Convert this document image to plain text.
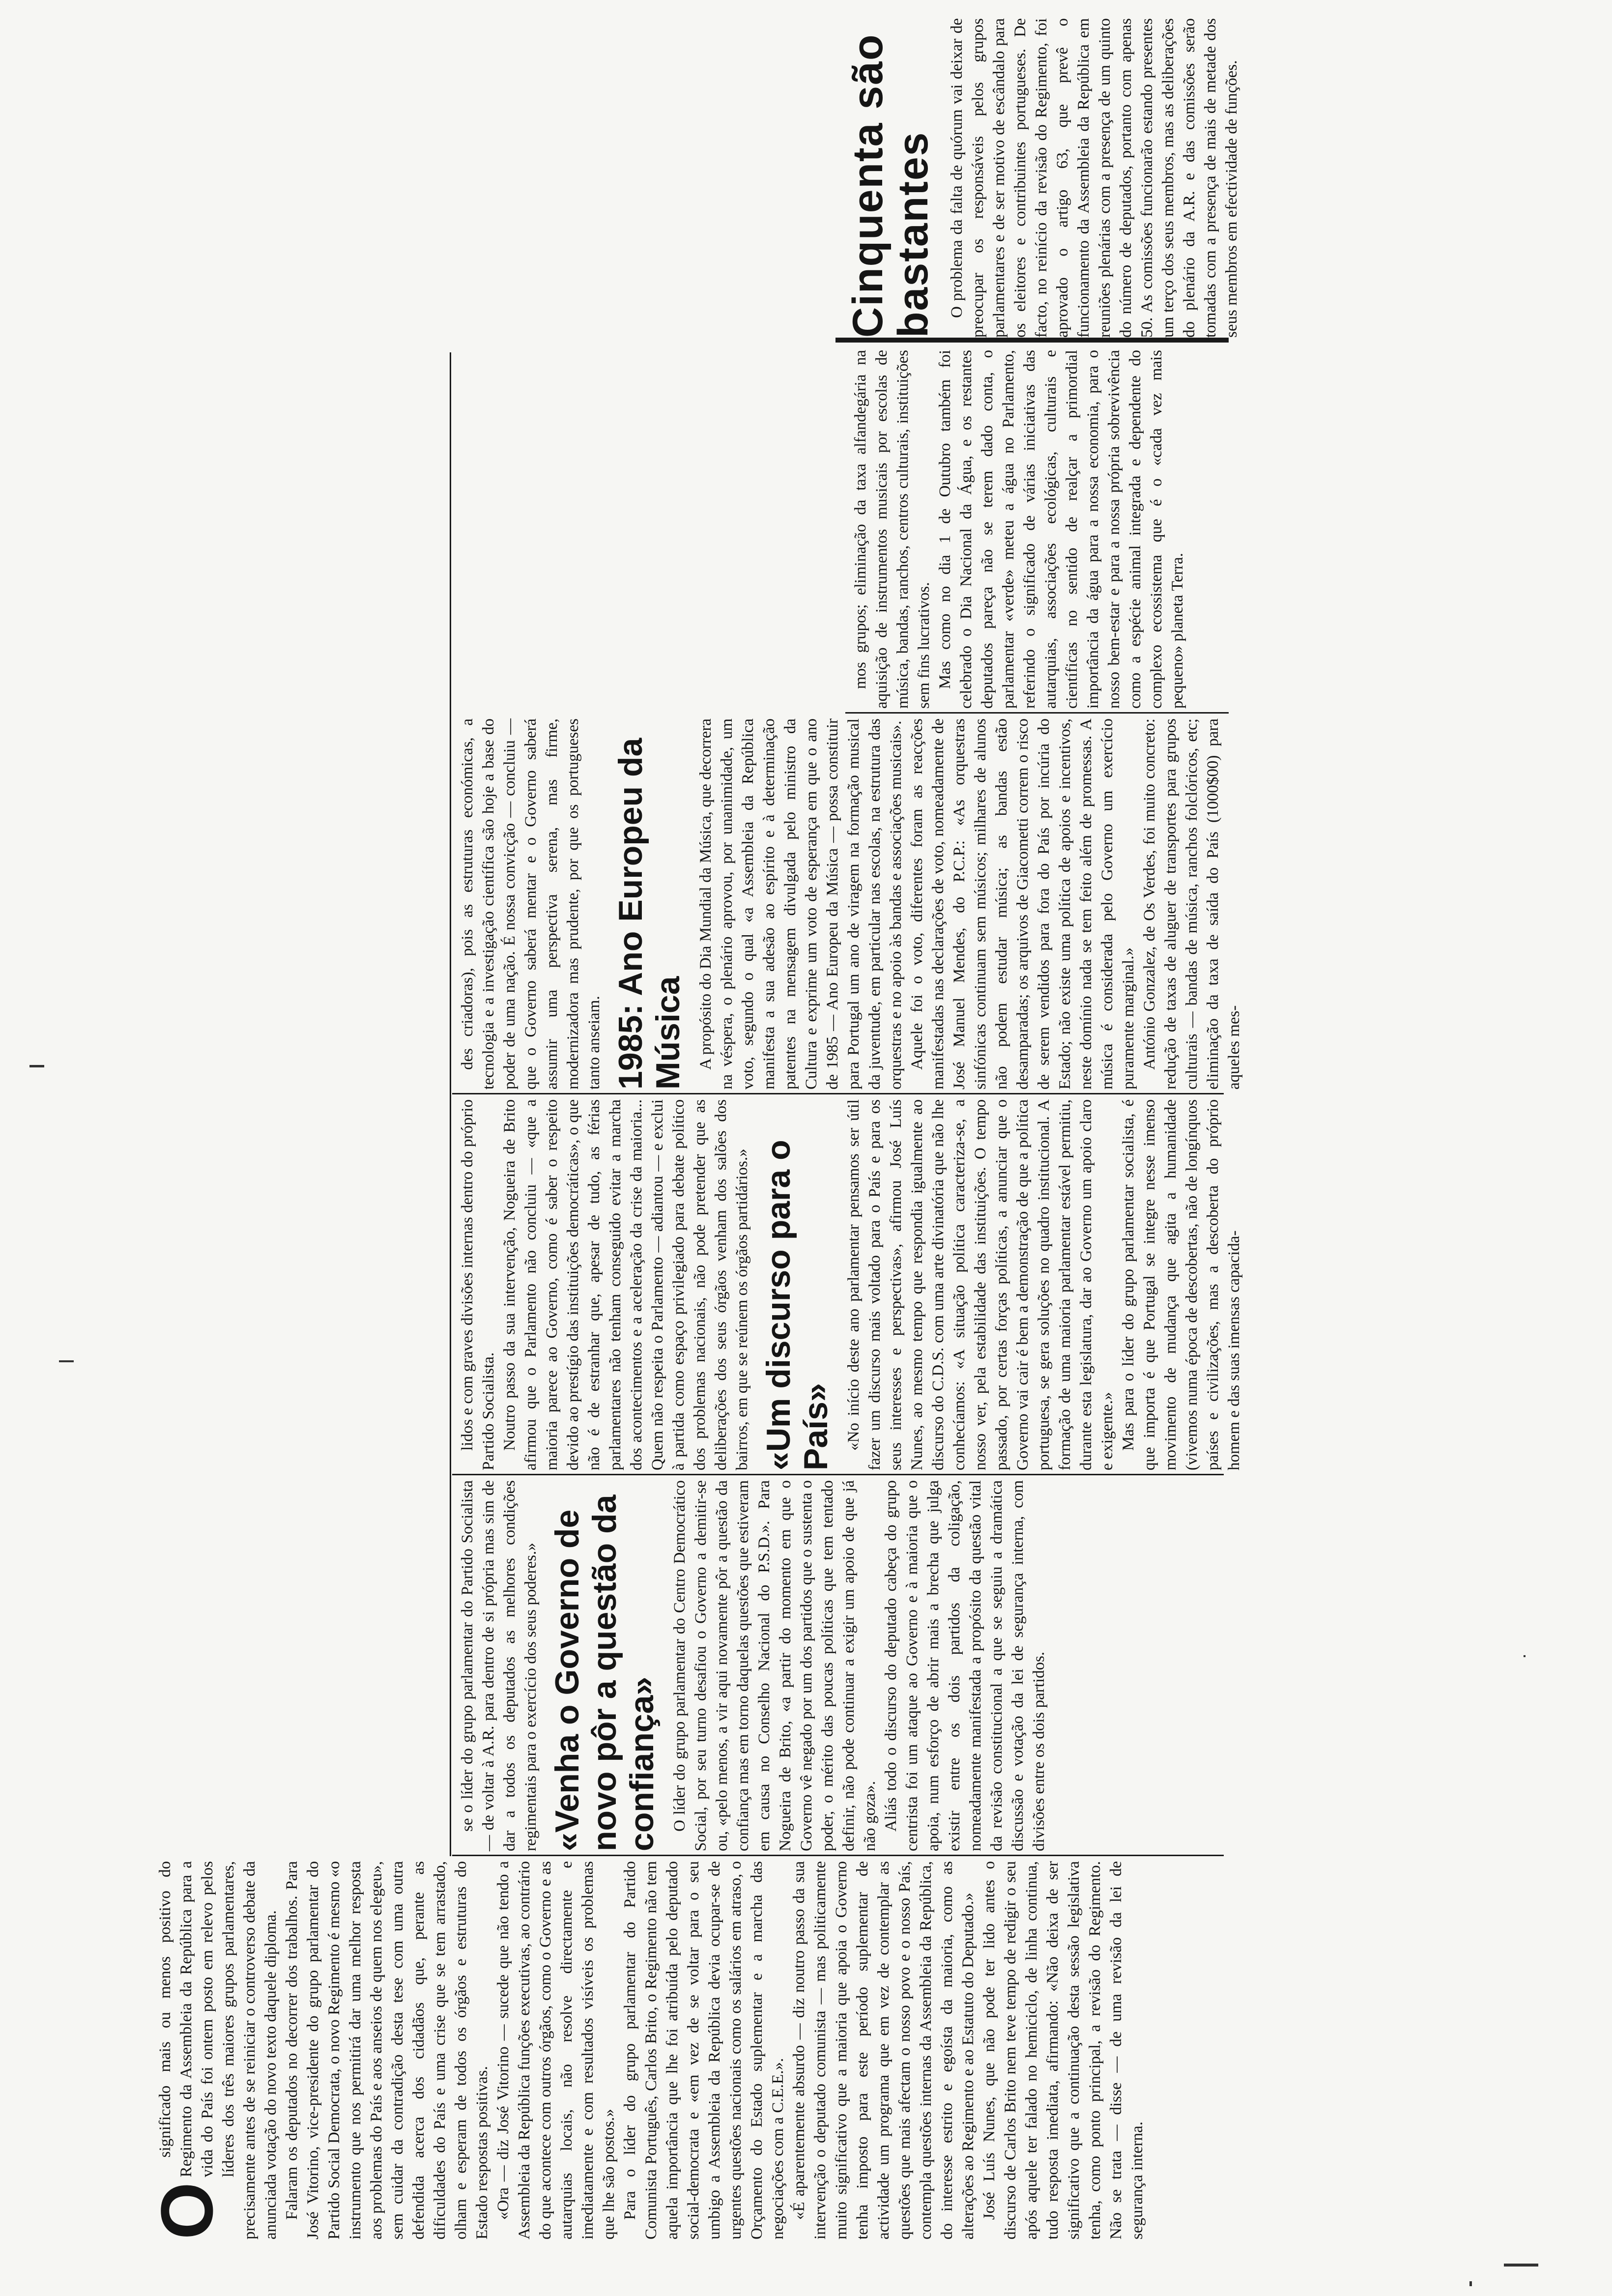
O

significado mais ou menos positivo do Regimento da Assembleia da República para a vida do País foi ontem posto em relevo pelos líderes dos três maiores grupos parlamentares, precisamente antes de se reiniciar o controverso debate da anunciada votação do novo texto daquele diploma. Falaram os deputados no decorrer dos trabalhos. Para José Vitorino, vice-presidente do grupo parlamentar do Partido Social Democrata, o novo Regimento é mesmo «o instrumento que nos permitirá dar uma melhor resposta aos problemas do País e aos anseios de quem nos elegeu», sem cuidar da contradição desta tese com uma outra defendida acerca dos cidadãos que, perante as dificuldades do País e uma crise que se tem arrastado, olham e esperam de todos os órgãos e estruturas do Estado respostas positivas. «Ora — diz José Vitorino — sucede que não tendo a Assembleia da República funções executivas, ao contrário do que acontece com outros órgãos, como o Governo e as autarquias locais, não resolve directamente e imediatamente e com resultados visíveis os problemas que lhe são postos.» Para o líder do grupo parlamentar do Partido Comunista Português, Carlos Brito, o Regimento não tem aquela importância que lhe foi atribuída pelo deputado social-democrata e «em vez de se voltar para o seu umbigo a Assembleia da República devia ocupar-se de urgentes questões nacionais como os salários em atraso, o Orçamento do Estado suplementar e a marcha das negociações com a C.E.E.». «É aparentemente absurdo — diz noutro passo da sua intervenção o deputado comunista — mas politicamente muito significativo que a maioria que apoia o Governo tenha imposto para este período suplementar de actividade um programa que em vez de contemplar as questões que mais afectam o nosso povo e o nosso País, contempla questões internas da Assembleia da República, do interesse estrito e egoísta da maioria, como as alterações ao Regimento e ao Estatuto do Deputado.» José Luís Nunes, que não pode ter lido antes o discurso de Carlos Brito nem teve tempo de redigir o seu após aquele ter falado no hemiciclo, de linha continua, tudo resposta imediata, afirmando: «Não deixa de ser significativo que a continuação desta sessão legislativa tenha, como ponto principal, a revisão do Regimento. Não se trata — disse — de uma revisão da lei de segurança interna.

se o líder do grupo parlamentar do Partido Socialista — de voltar à A.R. para dentro de si própria mas sim de dar a todos os deputados as melhores condições regimentais para o exercício dos seus poderes.» «Venha o Governo de novo pôr a questão da confiança» O líder do grupo parlamentar do Centro Democrático Social, por seu turno desafiou o Governo a demitir-se ou, «pelo menos, a vir aqui novamente pôr a questão da confiança mas em torno daquelas questões que estiveram em causa no Conselho Nacional do P.S.D.». Para Nogueira de Brito, «a partir do momento em que o Governo vê negado por um dos partidos que o sustenta o poder, o mérito das poucas políticas que tem tentado definir, não pode continuar a exigir um apoio de que já não goza». Aliás todo o discurso do deputado cabeça do grupo centrista foi um ataque ao Governo e à maioria que o apoia, num esforço de abrir mais a brecha que julga existir entre os dois partidos da coligação, nomeadamente manifestada a propósito da questão vital da revisão constitucional a que se seguiu a dramática discussão e votação da lei de segurança interna, com divisões entre os dois partidos.

lidos e com graves divisões internas dentro do próprio Partido Socialista. Noutro passo da sua intervenção, Nogueira de Brito afirmou que o Parlamento não concluiu — «que a maioria parece ao Governo, como é saber o respeito devido ao prestígio das instituições democráticas», o que não é de estranhar que, apesar de tudo, as férias parlamentares não tenham conseguido evitar a marcha dos acontecimentos e a aceleração da crise da maioria... Quem não respeita o Parlamento — adiantou — e exclui à partida como espaço privilegiado para debate político dos problemas nacionais, não pode pretender que as deliberações dos seus órgãos venham dos salões dos bairros, em que se reúnem os órgãos partidários.» «Um discurso para o País» «No início deste ano parlamentar pensamos ser útil fazer um discurso mais voltado para o País e para os seus interesses e perspectivas», afirmou José Luís Nunes, ao mesmo tempo que respondia igualmente ao discurso do C.D.S. com uma arte divinatória que não lhe conhecíamos: «A situação política caracteriza-se, a nosso ver, pela estabilidade das instituições. O tempo passado, por certas forças políticas, a anunciar que o Governo vai cair é bem a demonstração de que a política portuguesa, se gera soluções no quadro institucional. A formação de uma maioria parlamentar estável permitiu, durante esta legislatura, dar ao Governo um apoio claro e exigente.» Mas para o líder do grupo parlamentar socialista, é que importa é que Portugal se integre nesse imenso movimento de mudança que agita a humanidade (vivemos numa época de descobertas, não de longínquos países e civilizações, mas a descoberta do próprio homem e das suas imensas capacida-

des criadoras), pois as estruturas económicas, a tecnologia e a investigação científica são hoje a base do poder de uma nação. É nossa convicção — concluiu — que o Governo saberá mentar e o Governo saberá assumir uma perspectiva serena, mas firme, modernizadora mas prudente, por que os portugueses tanto anseiam. 1985: Ano Europeu da Música A propósito do Dia Mundial da Música, que decorrera na véspera, o plenário aprovou, por unanimidade, um voto, segundo o qual «a Assembleia da República manifesta a sua adesão ao espírito e à determinação patentes na mensagem divulgada pelo ministro da Cultura e exprime um voto de esperança em que o ano de 1985 — Ano Europeu da Música — possa constituir para Portugal um ano de viragem na formação musical da juventude, em particular nas escolas, na estrutura das orquestras e no apoio às bandas e associações musicais». Aquele foi o voto, diferentes foram as reacções manifestadas nas declarações de voto, nomeadamente de José Manuel Mendes, do P.C.P.: «As orquestras sinfónicas continuam sem músicos; milhares de alunos não podem estudar música; as bandas estão desamparadas; os arquivos de Giacometti correm o risco de serem vendidos para fora do País por incúria do Estado; não existe uma política de apoios e incentivos, neste domínio nada se tem feito além de promessas. A música é considerada pelo Governo um exercício puramente marginal.» António Gonzalez, de Os Verdes, foi muito concreto: redução de taxas de aluguer de transportes para grupos culturais — bandas de música, ranchos folclóricos, etc; eliminação da taxa de saída do País (1000$00) para aqueles mes-

mos grupos; eliminação da taxa alfandegária na aquisição de instrumentos musicais por escolas de música, bandas, ranchos, centros culturais, instituições sem fins lucrativos. Mas como no dia 1 de Outubro também foi celebrado o Dia Nacional da Água, e os restantes deputados pareça não se terem dado conta, o parlamentar «verde» meteu a água no Parlamento, referindo o significado de várias iniciativas das autarquias, associações ecológicas, culturais e científicas no sentido de realçar a primordial importância da água para a nossa economia, para o nosso bem-estar e para a nossa própria sobrevivência como a espécie animal integrada e dependente do complexo ecossistema que é o «cada vez mais pequeno» planeta Terra.

Cinquenta são bastantes O problema da falta de quórum vai deixar de preocupar os responsáveis pelos grupos parlamentares e de ser motivo de escândalo para os eleitores e contribuintes portugueses. De facto, no reinício da revisão do Regimento, foi aprovado o artigo 63, que prevê o funcionamento da Assembleia da República em reuniões plenárias com a presença de um quinto do número de deputados, portanto com apenas 50. As comissões funcionarão estando presentes um terço dos seus membros, mas as deliberações do plenário da A.R. e das comissões serão tomadas com a presença de mais de metade dos seus membros em efectividade de funções.
